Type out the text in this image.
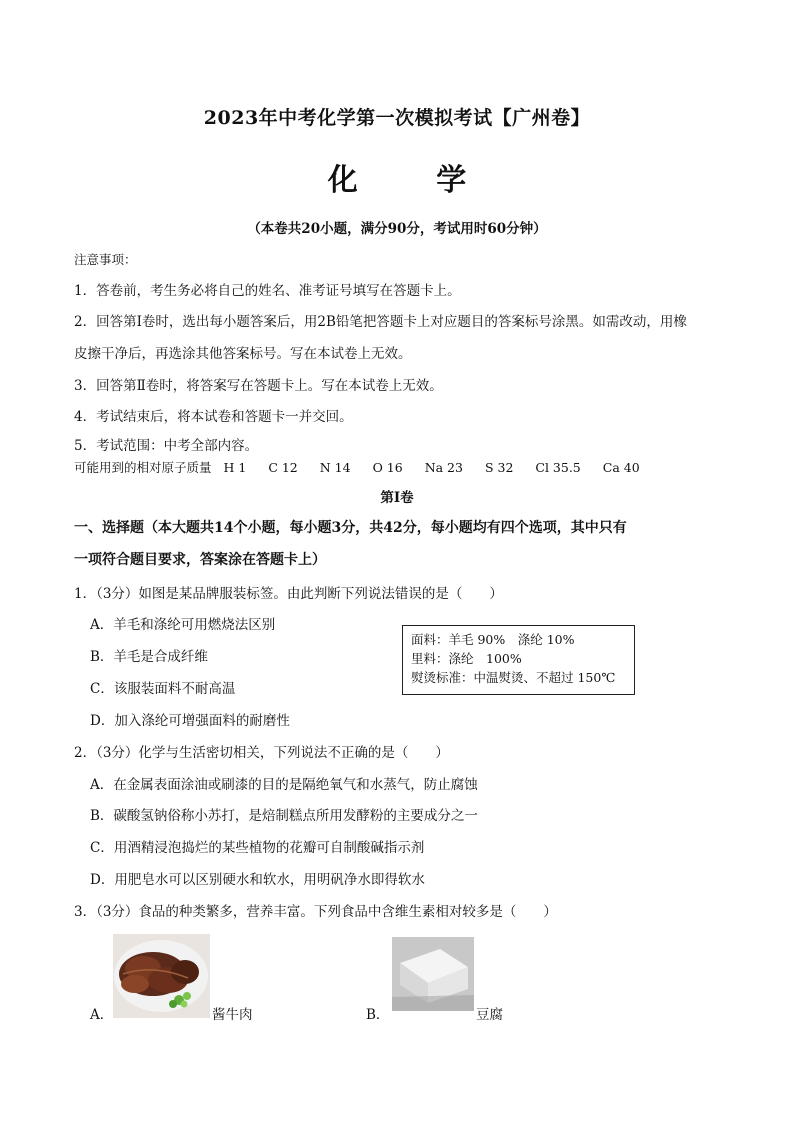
2023年中考化学第一次模拟考试【广州卷】
化 学
（本卷共20小题，满分90分，考试用时60分钟）
注意事项：
1．答卷前，考生务必将自己的姓名、准考证号填写在答题卡上。
2．回答第Ⅰ卷时，选出每小题答案后，用2B铅笔把答题卡上对应题目的答案标号涂黑。如需改动，用橡
皮擦干净后，再选涂其他答案标号。写在本试卷上无效。
3．回答第Ⅱ卷时，将答案写在答题卡上。写在本试卷上无效。
4．考试结束后，将本试卷和答题卡一并交回。
5．考试范围：中考全部内容。
可能用到的相对原子质量 H 1 C 12 N 14 O 16 Na 23 S 32 Cl 35.5 Ca 40
第Ⅰ卷
一、选择题（本大题共14个小题，每小题3分，共42分，每小题均有四个选项，其中只有
一项符合题目要求，答案涂在答题卡上）
1．（3分）如图是某品牌服装标签。由此判断下列说法错误的是（　　）
A．羊毛和涤纶可用燃烧法区别
B．羊毛是合成纤维
C．该服装面料不耐高温
D．加入涤纶可增强面料的耐磨性
面料：羊毛 90%　涤纶 10%
里料：涤纶　100%
熨烫标准：中温熨烫、不超过 150℃
2．（3分）化学与生活密切相关，下列说法不正确的是（　　）
A．在金属表面涂油或刷漆的目的是隔绝氧气和水蒸气，防止腐蚀
B．碳酸氢钠俗称小苏打，是焙制糕点所用发酵粉的主要成分之一
C．用酒精浸泡捣烂的某些植物的花瓣可自制酸碱指示剂
D．用肥皂水可以区别硬水和软水，用明矾净水即得软水
3．（3分）食品的种类繁多，营养丰富。下列食品中含维生素相对较多是（　　）
A．	酱牛肉	B．	豆腐
